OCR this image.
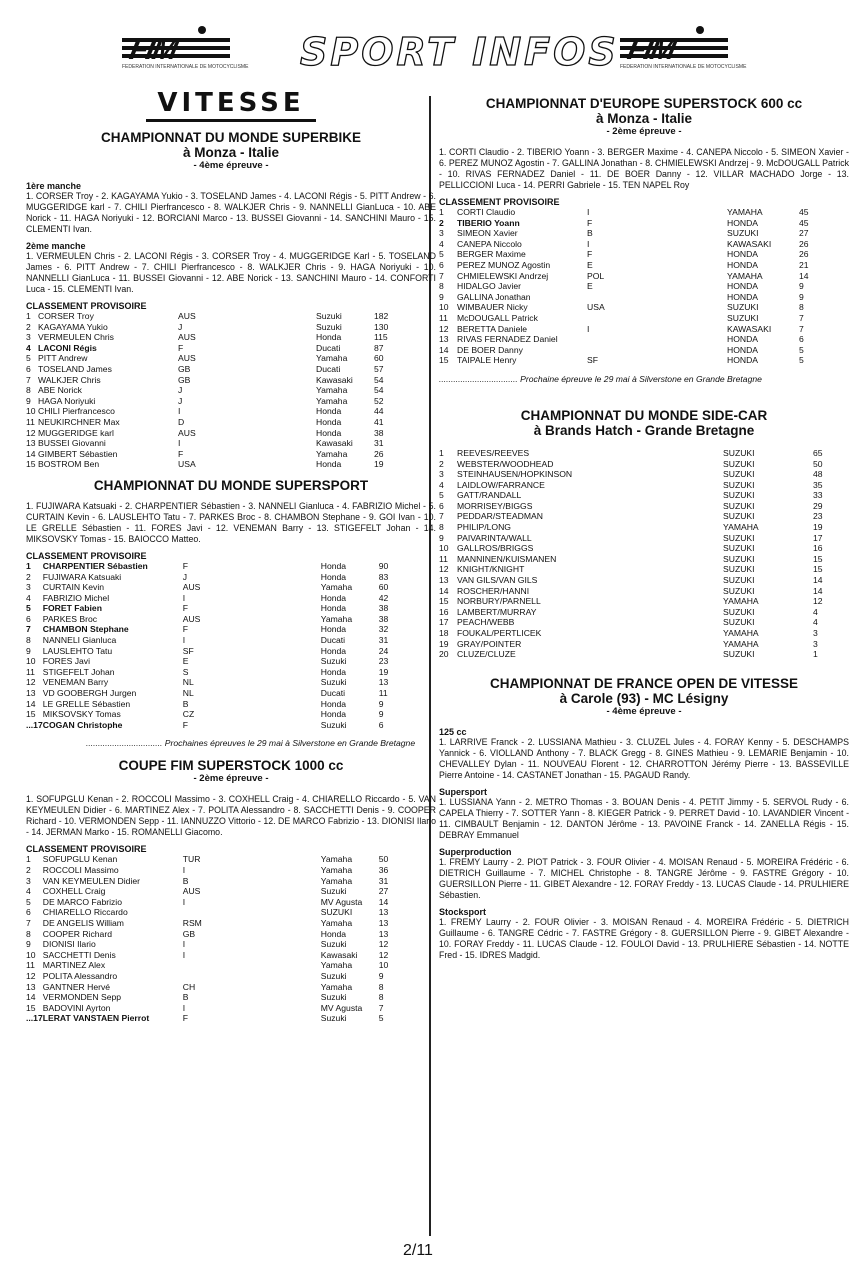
FIM
FEDERATION INTERNATIONALE DE MOTOCYCLISME SPORT INFOS FIM
FEDERATION INTERNATIONALE DE MOTOCYCLISME
VITESSE
CHAMPIONNAT DU MONDE SUPERBIKE
à Monza - Italie
- 4ème épreuve -
1ère manche
1. CORSER Troy - 2. KAGAYAMA Yukio - 3. TOSELAND James - 4. LACONI Régis - 5. PITT Andrew - 6. MUGGERIDGE karl - 7. CHILI Pierfrancesco - 8. WALKJER Chris - 9. NANNELLI GianLuca - 10. ABE Norick - 11. HAGA Noriyuki - 12. BORCIANI Marco - 13. BUSSEI Giovanni - 14. SANCHINI Mauro - 15. CLEMENTI Ivan.
2ème manche
1. VERMEULEN Chris - 2. LACONI Régis - 3. CORSER Troy - 4. MUGGERIDGE Karl - 5. TOSELAND James - 6. PITT Andrew - 7. CHILI Pierfrancesco - 8. WALKJER Chris - 9. HAGA Noriyuki - 10. NANNELLI GianLuca - 11. BUSSEI Giovanni - 12. ABE Norick - 13. SANCHINI Mauro - 14. CONFORTI Luca - 15. CLEMENTI Ivan.
CLASSEMENT PROVISOIRE
1	CORSER Troy	AUS	Suzuki	182
2	KAGAYAMA Yukio	J	Suzuki	130
3	VERMEULEN Chris	AUS	Honda	115
4	LACONI Régis	F	Ducati	87
5	PITT Andrew	AUS	Yamaha	60
6	TOSELAND James	GB	Ducati	57
7	WALKJER Chris	GB	Kawasaki	54
8	ABE Norick	J	Yamaha	54
9	HAGA Noriyuki	J	Yamaha	52
10	CHILI Pierfrancesco	I	Honda	44
11	NEUKIRCHNER Max	D	Honda	41
12	MUGGERIDGE karl	AUS	Honda	38
13	BUSSEI Giovanni	I	Kawasaki	31
14	GIMBERT Sébastien	F	Yamaha	26
15	BOSTROM Ben	USA	Honda	19
CHAMPIONNAT DU MONDE SUPERSPORT
1. FUJIWARA Katsuaki - 2. CHARPENTIER Sébastien - 3. NANNELI Gianluca - 4. FABRIZIO Michel - 5. CURTAIN Kevin - 6. LAUSLEHTO Tatu - 7. PARKES Broc - 8. CHAMBON Stephane - 9. GOI Ivan - 10. LE GRELLE Sébastien - 11. FORES Javi - 12. VENEMAN Barry - 13. STIGEFELT Johan - 14. MIKSOVSKY Tomas - 15. BAIOCCO Matteo.
CLASSEMENT PROVISOIRE
1	CHARPENTIER Sébastien	F	Honda	90
2	FUJIWARA Katsuaki	J	Honda	83
3	CURTAIN Kevin	AUS	Yamaha	60
4	FABRIZIO Michel	I	Honda	42
5	FORET Fabien	F	Honda	38
6	PARKES Broc	AUS	Yamaha	38
7	CHAMBON Stephane	F	Honda	32
8	NANNELI Gianluca	I	Ducati	31
9	LAUSLEHTO Tatu	SF	Honda	24
10	FORES Javi	E	Suzuki	23
11	STIGEFELT Johan	S	Honda	19
12	VENEMAN Barry	NL	Suzuki	13
13	VD GOOBERGH Jurgen	NL	Ducati	11
14	LE GRELLE Sébastien	B	Honda	9
15	MIKSOVSKY Tomas	CZ	Honda	9
...17	COGAN Christophe	F	Suzuki	6
................................ Prochaines épreuves le 29 mai à Silverstone en Grande Bretagne
COUPE FIM SUPERSTOCK 1000 cc
- 2ème épreuve -
1. SOFUPGLU Kenan - 2. ROCCOLI Massimo - 3. COXHELL Craig - 4. CHIARELLO Riccardo - 5. VAN KEYMEULEN Didier - 6. MARTINEZ Alex - 7. POLITA Alessandro - 8. SACCHETTI Denis - 9. COOPER Richard - 10. VERMONDEN Sepp - 11. IANNUZZO Vittorio - 12. DE MARCO Fabrizio - 13. DIONISI Ilario - 14. JERMAN Marko - 15. ROMANELLI Giacomo.
CLASSEMENT PROVISOIRE
1	SOFUPGLU Kenan	TUR	Yamaha	50
2	ROCCOLI Massimo	I	Yamaha	36
3	VAN KEYMEULEN Didier	B	Yamaha	31
4	COXHELL Craig	AUS	Suzuki	27
5	DE MARCO Fabrizio	I	MV Agusta	14
6	CHIARELLO Riccardo		SUZUKI	13
7	DE ANGELIS William	RSM	Yamaha	13
8	COOPER Richard	GB	Honda	13
9	DIONISI Ilario	I	Suzuki	12
10	SACCHETTI Denis	I	Kawasaki	12
11	MARTINEZ Alex		Yamaha	10
12	POLITA Alessandro		Suzuki	9
13	GANTNER Hervé	CH	Yamaha	8
14	VERMONDEN Sepp	B	Suzuki	8
15	BADOVINI Ayrton	I	MV Agusta	7
...17	LERAT VANSTAEN Pierrot	F	Suzuki	5
CHAMPIONNAT D'EUROPE SUPERSTOCK 600 cc
à Monza - Italie
- 2ème épreuve -
1. CORTI Claudio - 2. TIBERIO Yoann - 3. BERGER Maxime - 4. CANEPA Niccolo - 5. SIMEON Xavier - 6. PEREZ MUNOZ Agostin - 7. GALLINA Jonathan - 8. CHMIELEWSKI Andrzej - 9. McDOUGALL Patrick - 10. RIVAS FERNADEZ Daniel - 11. DE BOER Danny - 12. VILLAR MACHADO Jorge - 13. PELLICCIONI Luca - 14. PERRI Gabriele - 15. TEN NAPEL Roy
CLASSEMENT PROVISOIRE
1	CORTI Claudio	I	YAMAHA	45
2	TIBERIO Yoann	F	HONDA	45
3	SIMEON Xavier	B	SUZUKI	27
4	CANEPA Niccolo	I	KAWASAKI	26
5	BERGER Maxime	F	HONDA	26
6	PEREZ MUNOZ Agostin	E	HONDA	21
7	CHMIELEWSKI Andrzej	POL	YAMAHA	14
8	HIDALGO Javier	E	HONDA	9
9	GALLINA Jonathan		HONDA	9
10	WIMBAUER Nicky	USA	SUZUKI	8
11	McDOUGALL Patrick		SUZUKI	7
12	BERETTA Daniele	I	KAWASAKI	7
13	RIVAS FERNADEZ Daniel		HONDA	6
14	DE BOER Danny		HONDA	5
15	TAIPALE Henry	SF	HONDA	5
................................. Prochaine épreuve le 29 mai à Silverstone en Grande Bretagne
CHAMPIONNAT DU MONDE SIDE-CAR
à Brands Hatch - Grande Bretagne
1	REEVES/REEVES	SUZUKI	65
2	WEBSTER/WOODHEAD	SUZUKI	50
3	STEINHAUSEN/HOPKINSON	SUZUKI	48
4	LAIDLOW/FARRANCE	SUZUKI	35
5	GATT/RANDALL	SUZUKI	33
6	MORRISEY/BIGGS	SUZUKI	29
7	PEDDAR/STEADMAN	SUZUKI	23
8	PHILIP/LONG	YAMAHA	19
9	PAIVARINTA/WALL	SUZUKI	17
10	GALLROS/BRIGGS	SUZUKI	16
11	MANNINEN/KUISMANEN	SUZUKI	15
12	KNIGHT/KNIGHT	SUZUKI	15
13	VAN GILS/VAN GILS	SUZUKI	14
14	ROSCHER/HANNI	SUZUKI	14
15	NORBURY/PARNELL	YAMAHA	12
16	LAMBERT/MURRAY	SUZUKI	4
17	PEACH/WEBB	SUZUKI	4
18	FOUKAL/PERTLICEK	YAMAHA	3
19	GRAY/POINTER	YAMAHA	3
20	CLUZE/CLUZE	SUZUKI	1
CHAMPIONNAT DE FRANCE OPEN DE VITESSE
à Carole (93) - MC Lésigny
- 4ème épreuve -
125 cc
1. LARRIVE Franck - 2. LUSSIANA Mathieu - 3. CLUZEL Jules - 4. FORAY Kenny - 5. DESCHAMPS Yannick - 6. VIOLLAND Anthony - 7. BLACK Gregg - 8. GINES Mathieu - 9. LEMARIE Benjamin - 10. CHEVALLEY Dylan - 11. NOUVEAU Florent - 12. CHARROTTON Jérémy Pierre - 13. BASSEVILLE Pierre Antoine - 14. CASTANET Jonathan - 15. PAGAUD Randy.
Supersport
1. LUSSIANA Yann - 2. METRO Thomas - 3. BOUAN Denis - 4. PETIT Jimmy - 5. SERVOL Rudy - 6. CAPELA Thierry - 7. SOTTER Yann - 8. KIEGER Patrick - 9. PERRET David - 10. LAVANDIER Vincent - 11. CIMBAULT Benjamin - 12. DANTON Jérôme - 13. PAVOINE Franck - 14. ZANELLA Régis - 15. DEBRAY Emmanuel
Superproduction
1. FREMY Laurry - 2. PIOT Patrick - 3. FOUR Olivier - 4. MOISAN Renaud - 5. MOREIRA Frédéric - 6. DIETRICH Guillaume - 7. MICHEL Christophe - 8. TANGRE Jérôme - 9. FASTRE Grégory - 10. GUERSILLON Pierre - 11. GIBET Alexandre - 12. FORAY Freddy - 13. LUCAS Claude - 14. PRULHIERE Sébastien.
Stocksport
1. FREMY Laurry - 2. FOUR Olivier - 3. MOISAN Renaud - 4. MOREIRA Frédéric - 5. DIETRICH Guillaume - 6. TANGRE Cédric - 7. FASTRE Grégory - 8. GUERSILLON Pierre - 9. GIBET Alexandre - 10. FORAY Freddy - 11. LUCAS Claude - 12. FOULOI David - 13. PRULHIERE Sébastien - 14. NOTTE Fred - 15. IDRES Madgid.
2/11
